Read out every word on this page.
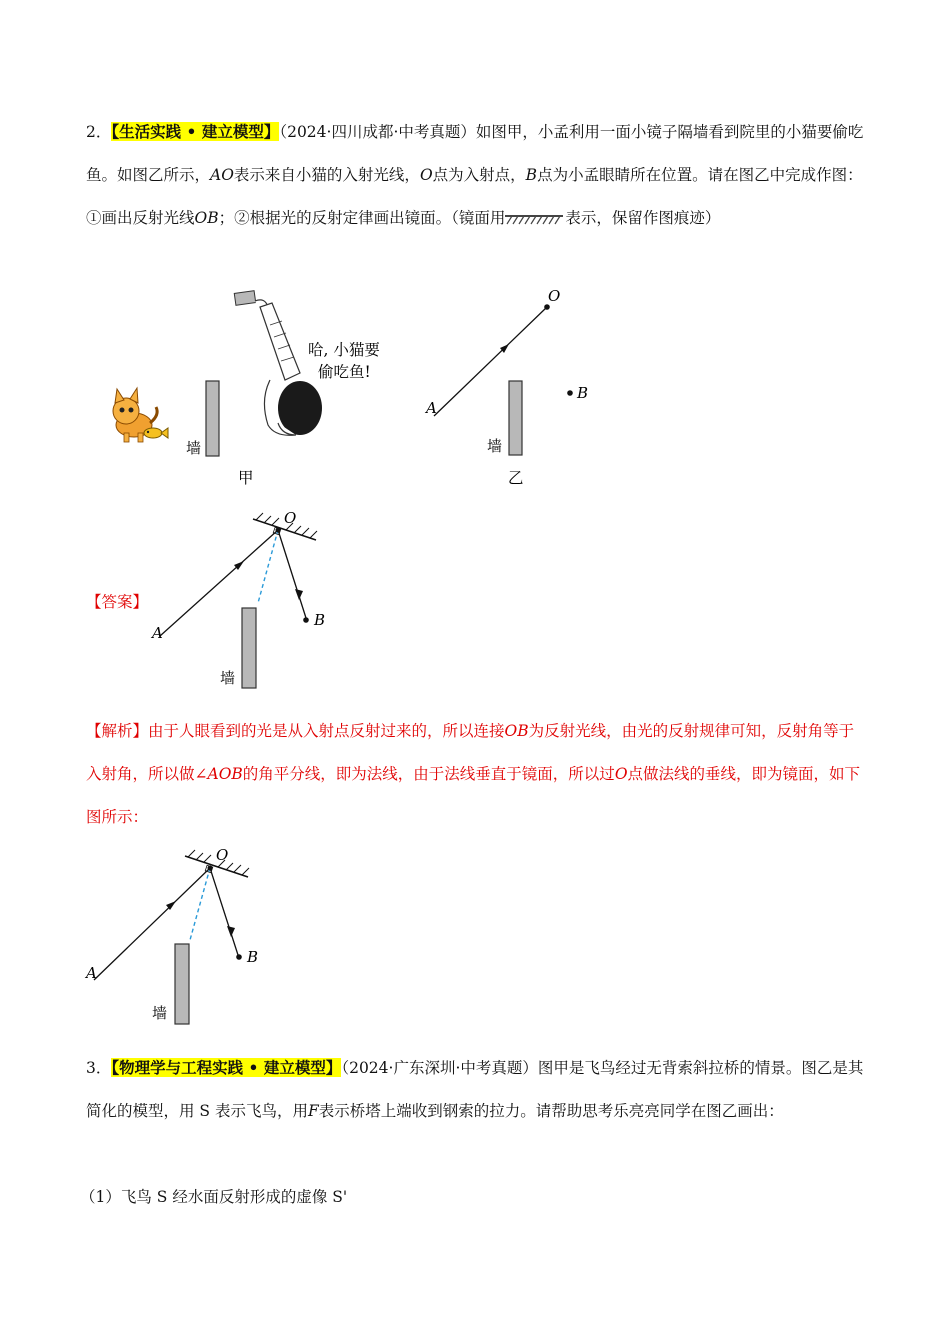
2．【生活实践 • 建立模型】（2024·四川成都·中考真题）如图甲，小孟利用一面小镜子隔墙看到院里的小猫要偷吃鱼。如图乙所示，AO表示来自小猫的入射光线，O点为入射点，B点为小孟眼睛所在位置。请在图乙中完成作图：①画出反射光线OB；②根据光的反射定律画出镜面。（镜面用	表示，保留作图痕迹）
墙
哈, 小猫要
偷吃鱼!
甲
O
A
B
墙
乙
【答案】
O
A
B
墙
【解析】由于人眼看到的光是从入射点反射过来的，所以连接OB为反射光线，由光的反射规律可知，反射角等于入射角，所以做∠AOB的角平分线，即为法线，由于法线垂直于镜面，所以过O点做法线的垂线，即为镜面，如下图所示：
O
A
B
墙
3．【物理学与工程实践 • 建立模型】（2024·广东深圳·中考真题）图甲是飞鸟经过无背索斜拉桥的情景。图乙是其简化的模型，用 S 表示飞鸟，用F表示桥塔上端收到钢索的拉力。请帮助思考乐亮亮同学在图乙画出：
（1）飞鸟 S 经水面反射形成的虚像 S'
